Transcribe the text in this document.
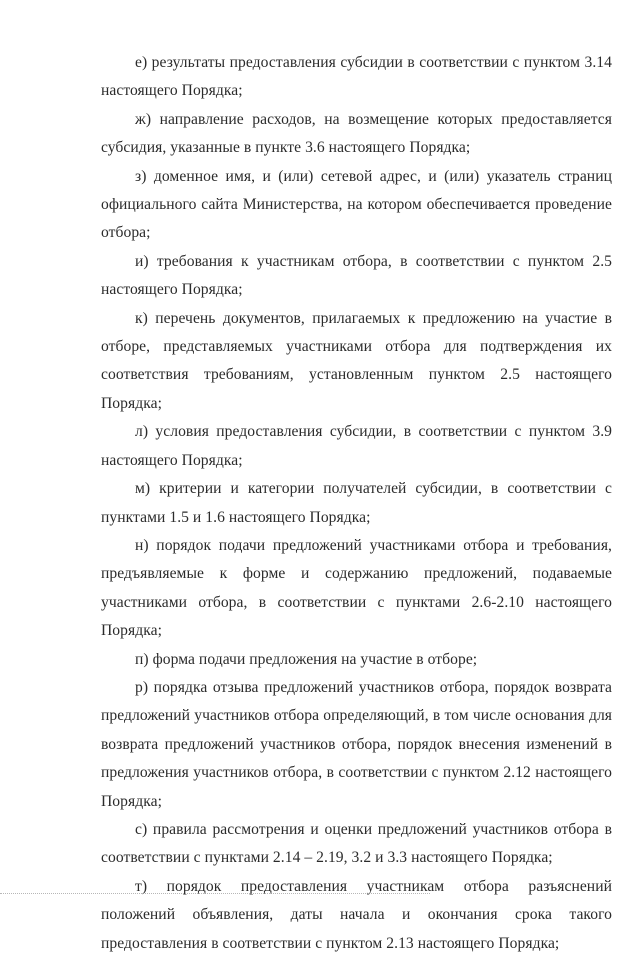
е) результаты предоставления субсидии в соответствии с пунктом 3.14 настоящего Порядка;

ж) направление расходов, на возмещение которых предоставляется субсидия, указанные в пункте 3.6 настоящего Порядка;

з) доменное имя, и (или) сетевой адрес, и (или) указатель страниц официального сайта Министерства, на котором обеспечивается проведение отбора;

и) требования к участникам отбора, в соответствии с пунктом 2.5 настоящего Порядка;

к) перечень документов, прилагаемых к предложению на участие в отборе, представляемых участниками отбора для подтверждения их соответствия требованиям, установленным пунктом 2.5 настоящего Порядка;

л) условия предоставления субсидии, в соответствии с пунктом 3.9 настоящего Порядка;

м) критерии и категории получателей субсидии, в соответствии с пунктами 1.5 и 1.6 настоящего Порядка;

н) порядок подачи предложений участниками отбора и требования, предъявляемые к форме и содержанию предложений, подаваемые участниками отбора, в соответствии с пунктами 2.6-2.10 настоящего Порядка;

п) форма подачи предложения на участие в отборе;

р) порядка отзыва предложений участников отбора, порядок возврата предложений участников отбора определяющий, в том числе основания для возврата предложений участников отбора, порядок внесения изменений в предложения участников отбора, в соответствии с пунктом 2.12 настоящего Порядка;

с) правила рассмотрения и оценки предложений участников отбора в соответствии с пунктами 2.14 – 2.19, 3.2 и 3.3 настоящего Порядка;

т) порядок предоставления участникам отбора разъяснений положений объявления, даты начала и окончания срока такого предоставления в соответствии с пунктом 2.13 настоящего Порядка;
